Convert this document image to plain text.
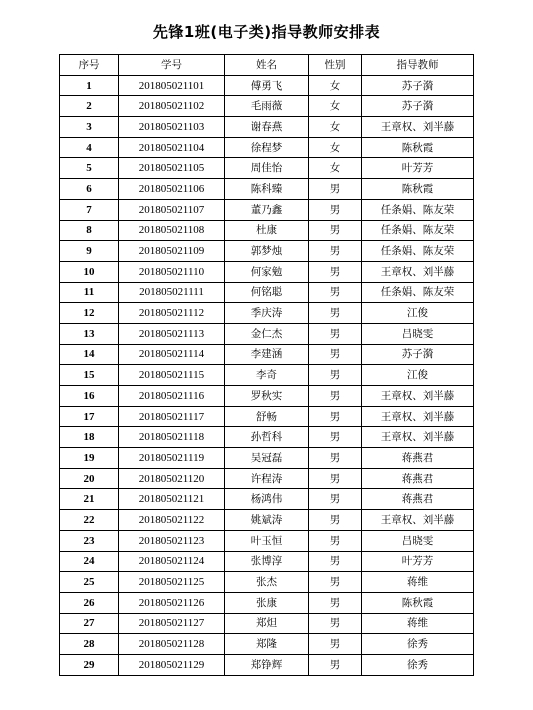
先锋1班(电子类)指导教师安排表
序号	学号	姓名	性别	指导教师
1	201805021101	傅勇飞	女	苏子漪
2	201805021102	毛雨薇	女	苏子漪
3	201805021103	谢春燕	女	王章权、刘半藤
4	201805021104	徐程梦	女	陈秋霞
5	201805021105	周佳怡	女	叶芳芳
6	201805021106	陈科臻	男	陈秋霞
7	201805021107	董乃鑫	男	任条娟、陈友荣
8	201805021108	杜康	男	任条娟、陈友荣
9	201805021109	郭梦烛	男	任条娟、陈友荣
10	201805021110	何家勉	男	王章权、刘半藤
11	201805021111	何铭聪	男	任条娟、陈友荣
12	201805021112	季庆涛	男	江俊
13	201805021113	金仁杰	男	吕晓雯
14	201805021114	李建涵	男	苏子漪
15	201805021115	李奇	男	江俊
16	201805021116	罗秋实	男	王章权、刘半藤
17	201805021117	舒畅	男	王章权、刘半藤
18	201805021118	孙哲科	男	王章权、刘半藤
19	201805021119	吴冠磊	男	蒋燕君
20	201805021120	许程涛	男	蒋燕君
21	201805021121	杨鸿伟	男	蒋燕君
22	201805021122	姚斌涛	男	王章权、刘半藤
23	201805021123	叶玉恒	男	吕晓雯
24	201805021124	张博淳	男	叶芳芳
25	201805021125	张杰	男	蒋维
26	201805021126	张康	男	陈秋霞
27	201805021127	郑炟	男	蒋维
28	201805021128	郑隆	男	徐秀
29	201805021129	郑铮辉	男	徐秀
